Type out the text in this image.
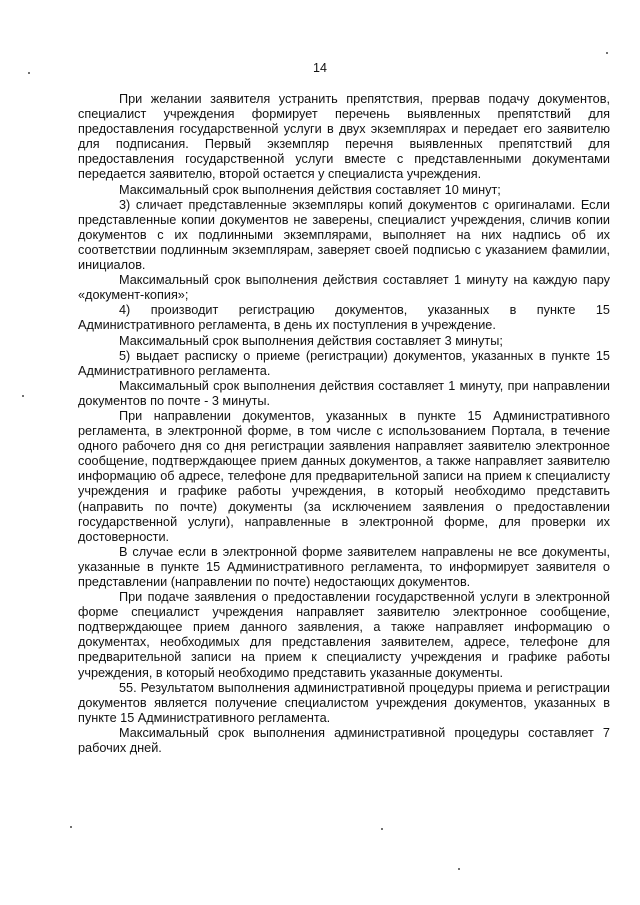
14

При желании заявителя устранить препятствия, прервав подачу документов, специалист учреждения формирует перечень выявленных препятствий для предоставления государственной услуги в двух экземплярах и передает его заявителю для подписания. Первый экземпляр перечня выявленных препятствий для предоставления государственной услуги вместе с представленными документами передается заявителю, второй остается у специалиста учреждения.

Максимальный срок выполнения действия составляет 10 минут;

3) сличает представленные экземпляры копий документов с оригиналами. Если представленные копии документов не заверены, специалист учреждения, сличив копии документов с их подлинными экземплярами, выполняет на них надпись об их соответствии подлинным экземплярам, заверяет своей подписью с указанием фамилии, инициалов.

Максимальный срок выполнения действия составляет 1 минуту на каждую пару «документ-копия»;

4) производит регистрацию документов, указанных в пункте 15 Административного регламента, в день их поступления в учреждение.

Максимальный срок выполнения действия составляет 3 минуты;

5) выдает расписку о приеме (регистрации) документов, указанных в пункте 15 Административного регламента.

Максимальный срок выполнения действия составляет 1 минуту, при направлении документов по почте - 3 минуты.

При направлении документов, указанных в пункте 15 Административного регламента, в электронной форме, в том числе с использованием Портала, в течение одного рабочего дня со дня регистрации заявления направляет заявителю электронное сообщение, подтверждающее прием данных документов, а также направляет заявителю информацию об адресе, телефоне для предварительной записи на прием к специалисту учреждения и графике работы учреждения, в который необходимо представить (направить по почте) документы (за исключением заявления о предоставлении государственной услуги), направленные в электронной форме, для проверки их достоверности.

В случае если в электронной форме заявителем направлены не все документы, указанные в пункте 15 Административного регламента, то информирует заявителя о представлении (направлении по почте) недостающих документов.

При подаче заявления о предоставлении государственной услуги в электронной форме специалист учреждения направляет заявителю электронное сообщение, подтверждающее прием данного заявления, а также направляет информацию о документах, необходимых для представления заявителем, адресе, телефоне для предварительной записи на прием к специалисту учреждения и графике работы учреждения, в который необходимо представить указанные документы.

55. Результатом выполнения административной процедуры приема и регистрации документов является получение специалистом учреждения документов, указанных в пункте 15 Административного регламента.

Максимальный срок выполнения административной процедуры составляет 7 рабочих дней.
